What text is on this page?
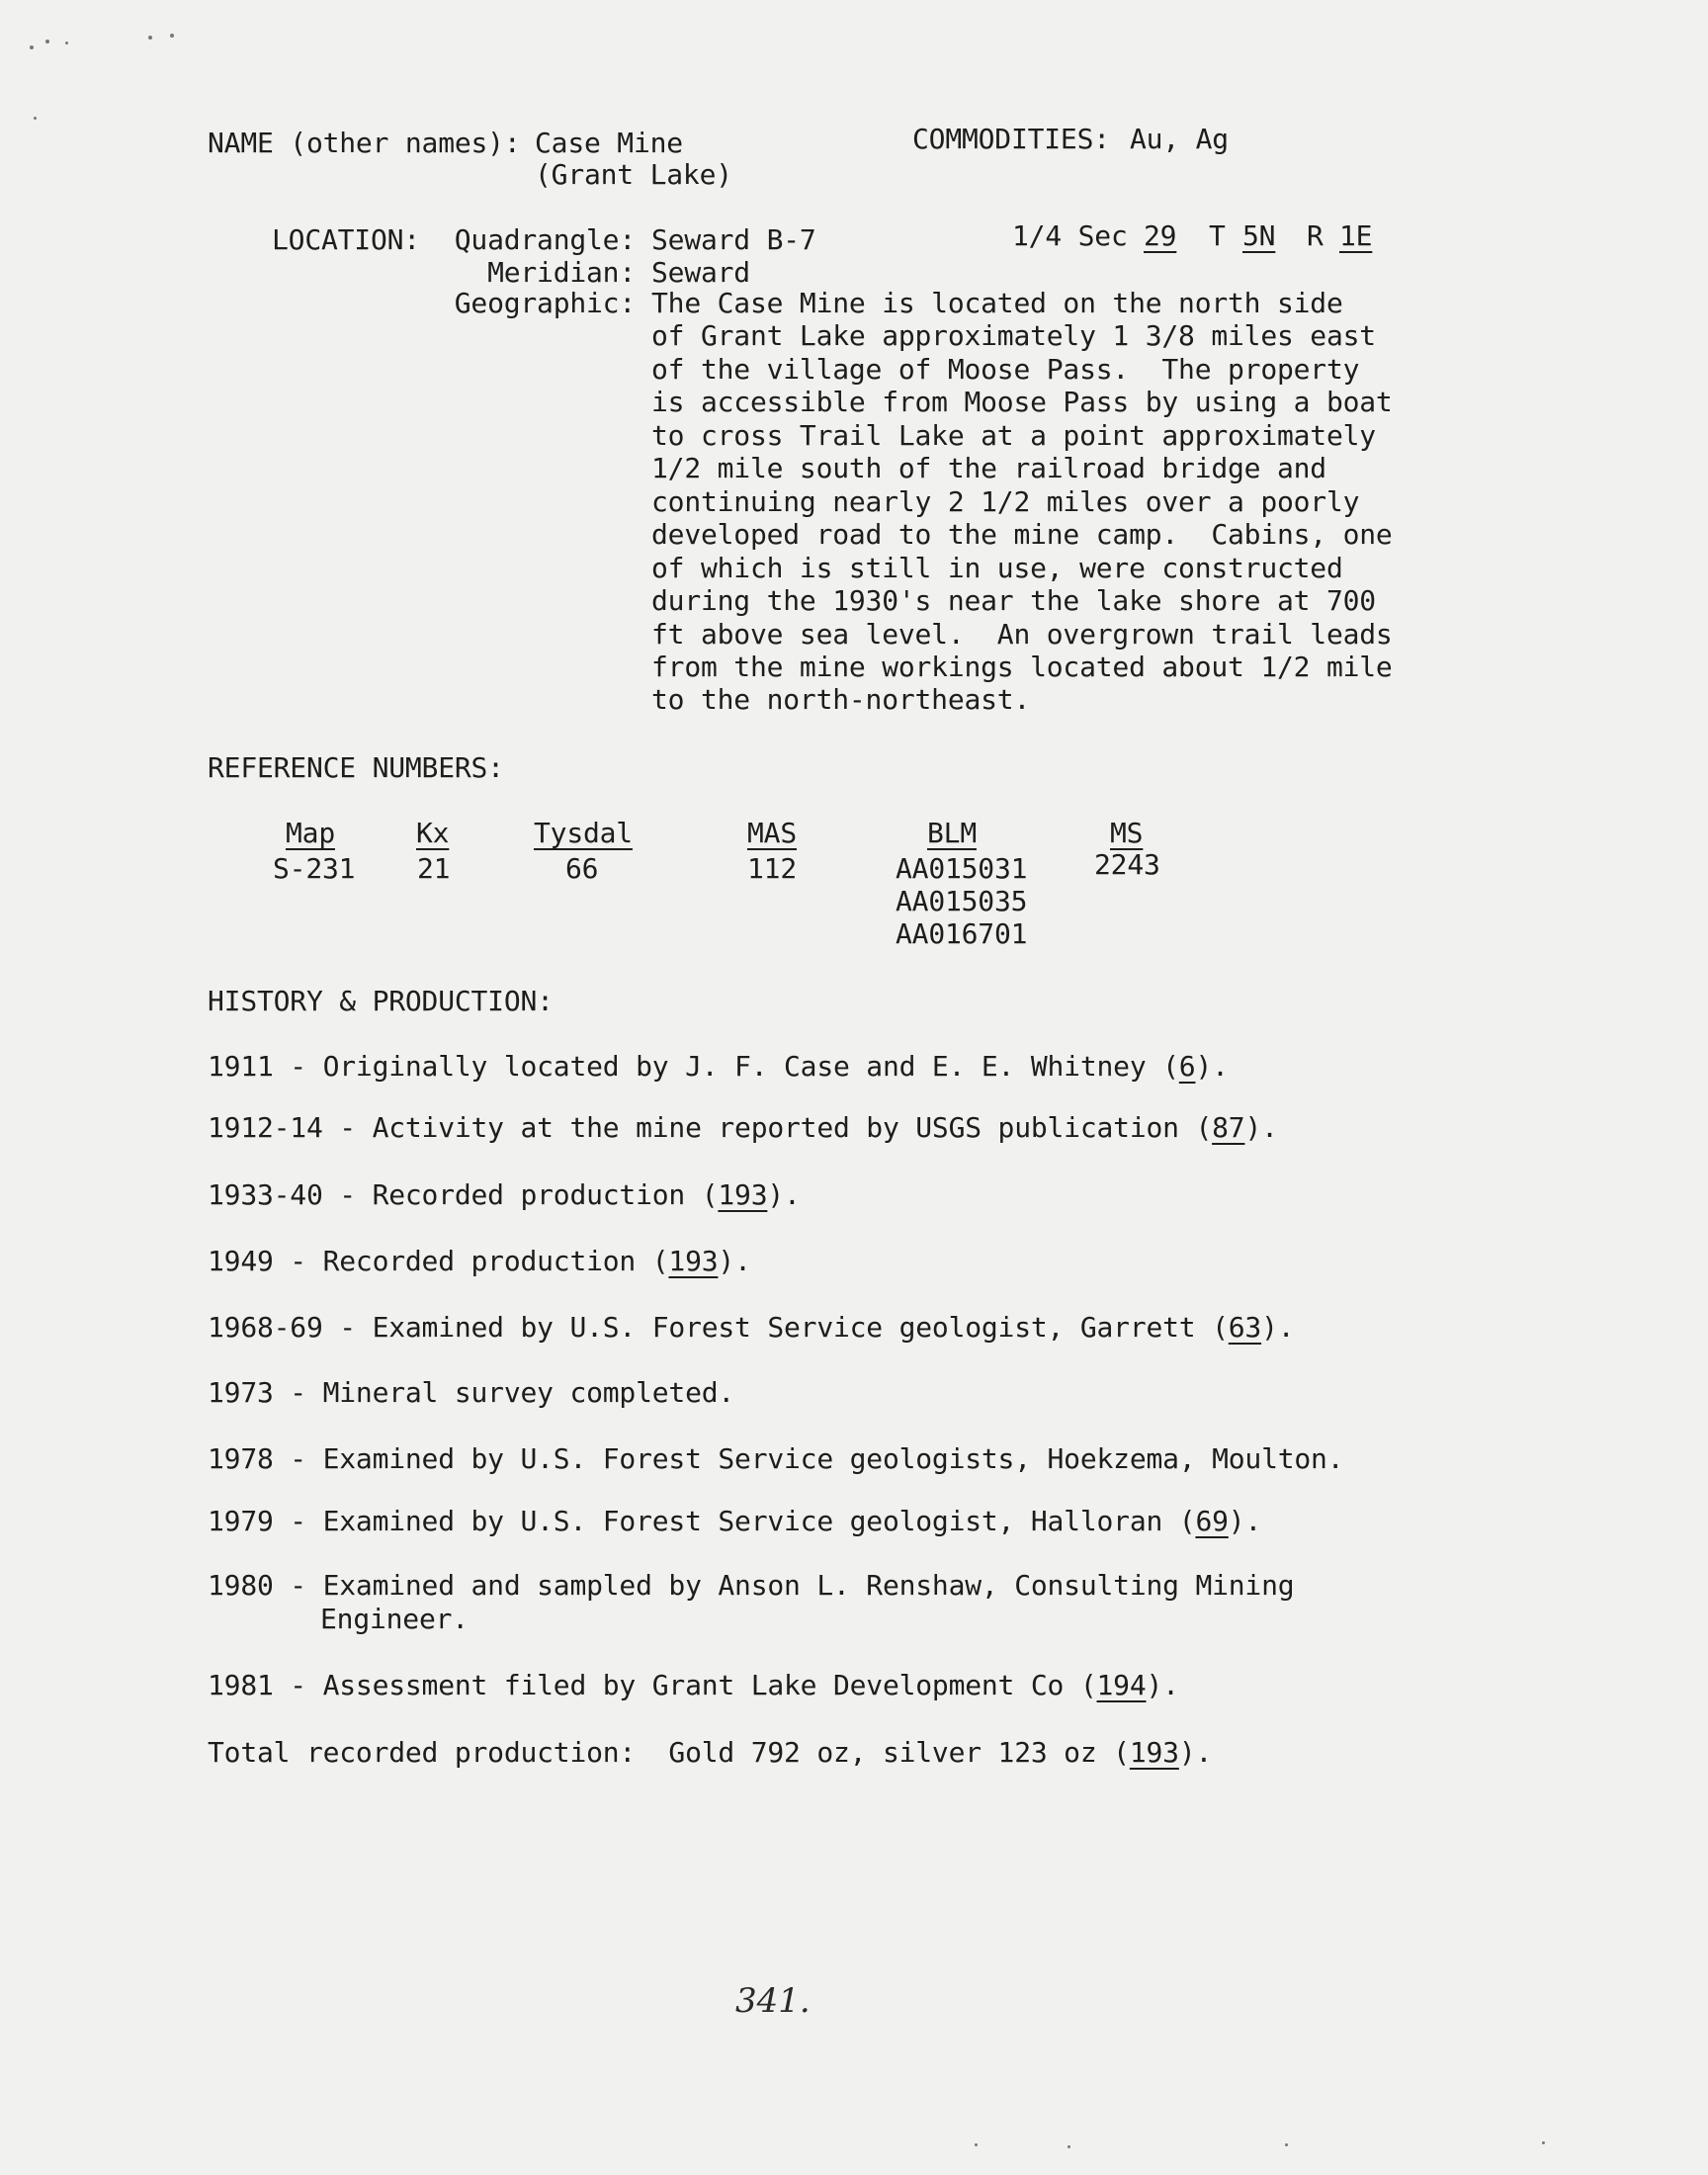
NAME (other names): Case Mine
(Grant Lake)
COMMODITIES: Au, Ag
LOCATION: Quadrangle: Seward B-7
Meridian: Seward
Geographic:
1/4 Sec 29 T 5N R 1E
The Case Mine is located on the north side
of Grant Lake approximately 1 3/8 miles east
of the village of Moose Pass.  The property
is accessible from Moose Pass by using a boat
to cross Trail Lake at a point approximately
1/2 mile south of the railroad bridge and
continuing nearly 2 1/2 miles over a poorly
developed road to the mine camp.  Cabins, one
of which is still in use, were constructed
during the 1930's near the lake shore at 700
ft above sea level.  An overgrown trail leads
from the mine workings located about 1/2 mile
to the north-northeast.
REFERENCE NUMBERS:
Map
S-231
Kx
21
Tysdal
66
MAS
112
BLM
AA015031
AA015035
AA016701
MS
2243
HISTORY & PRODUCTION:
1911 - Originally located by J. F. Case and E. E. Whitney (6).
1912-14 - Activity at the mine reported by USGS publication (87).
1933-40 - Recorded production (193).
1949 - Recorded production (193).
1968-69 - Examined by U.S. Forest Service geologist, Garrett (63).
1973 - Mineral survey completed.
1978 - Examined by U.S. Forest Service geologists, Hoekzema, Moulton.
1979 - Examined by U.S. Forest Service geologist, Halloran (69).
1980 - Examined and sampled by Anson L. Renshaw, Consulting Mining
Engineer.
1981 - Assessment filed by Grant Lake Development Co (194).
Total recorded production:  Gold 792 oz, silver 123 oz (193).
341.
